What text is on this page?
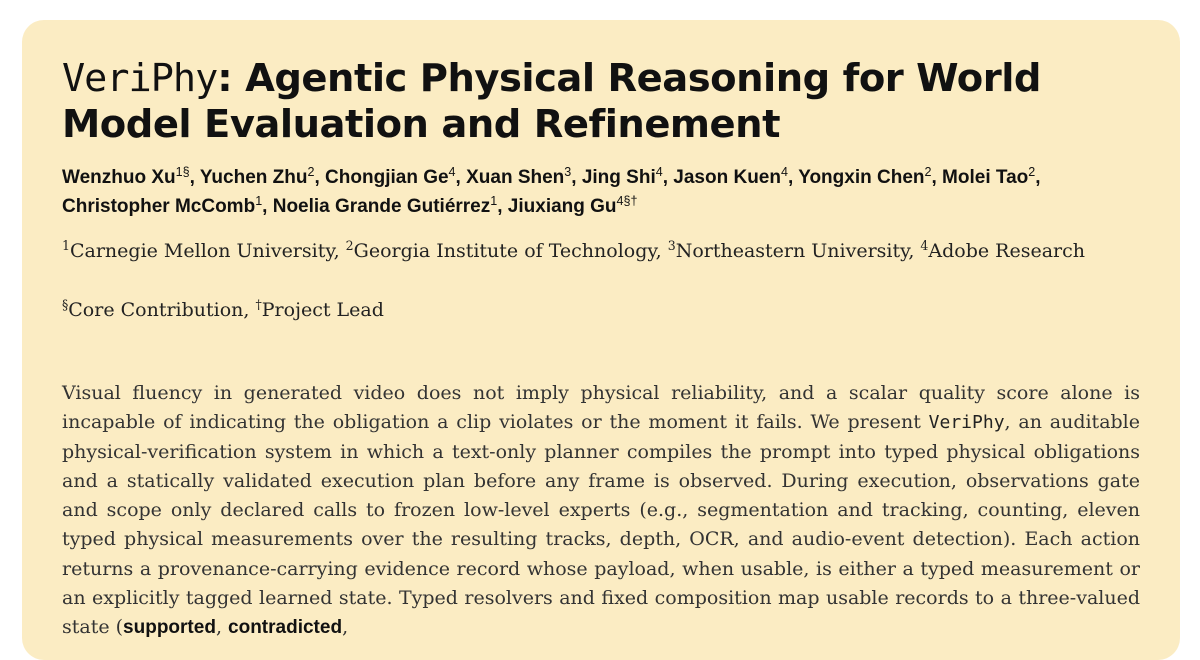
VeriPhy: Agentic Physical Reasoning for World Model Evaluation and Refinement
Wenzhuo $Xu^{1\S}$, Yuchen Zhu$^2$, Chongjian Ge$^4$, Xuan Shen$^3$, Jing Shi$^4$, Jason Kuen$^4$, Yongxin Chen$^2$, Molei Tao$^2$, Christopher McComb$^1$, Noelia Grande Gutiérrez$^1$, Jiuxiang $Gu^{4\S\dagger}$
$^1$Carnegie Mellon University, $^2$Georgia Institute of Technology, $^3$Northeastern University, $^4$Adobe Research
§Core Contribution, †Project Lead

Visual fluency in generated video does not imply physical reliability, and a scalar quality score alone is incapable of indicating the obligation a clip violates or the moment it fails. We present VeriPhy, an auditable physical-verification system in which a text-only planner compiles the prompt into typed physical obligations and a statically validated execution plan before any frame is observed. During execution, observations gate and scope only declared calls to frozen low-level experts (e.g., segmentation and tracking, counting, eleven typed physical measurements over the resulting tracks, depth, OCR, and audio-event detection). Each action returns a provenance-carrying evidence record whose payload, when usable, is either a typed measurement or an explicitly tagged learned state. Typed resolvers and fixed composition map usable records to a three-valued state (supported, contradicted,
